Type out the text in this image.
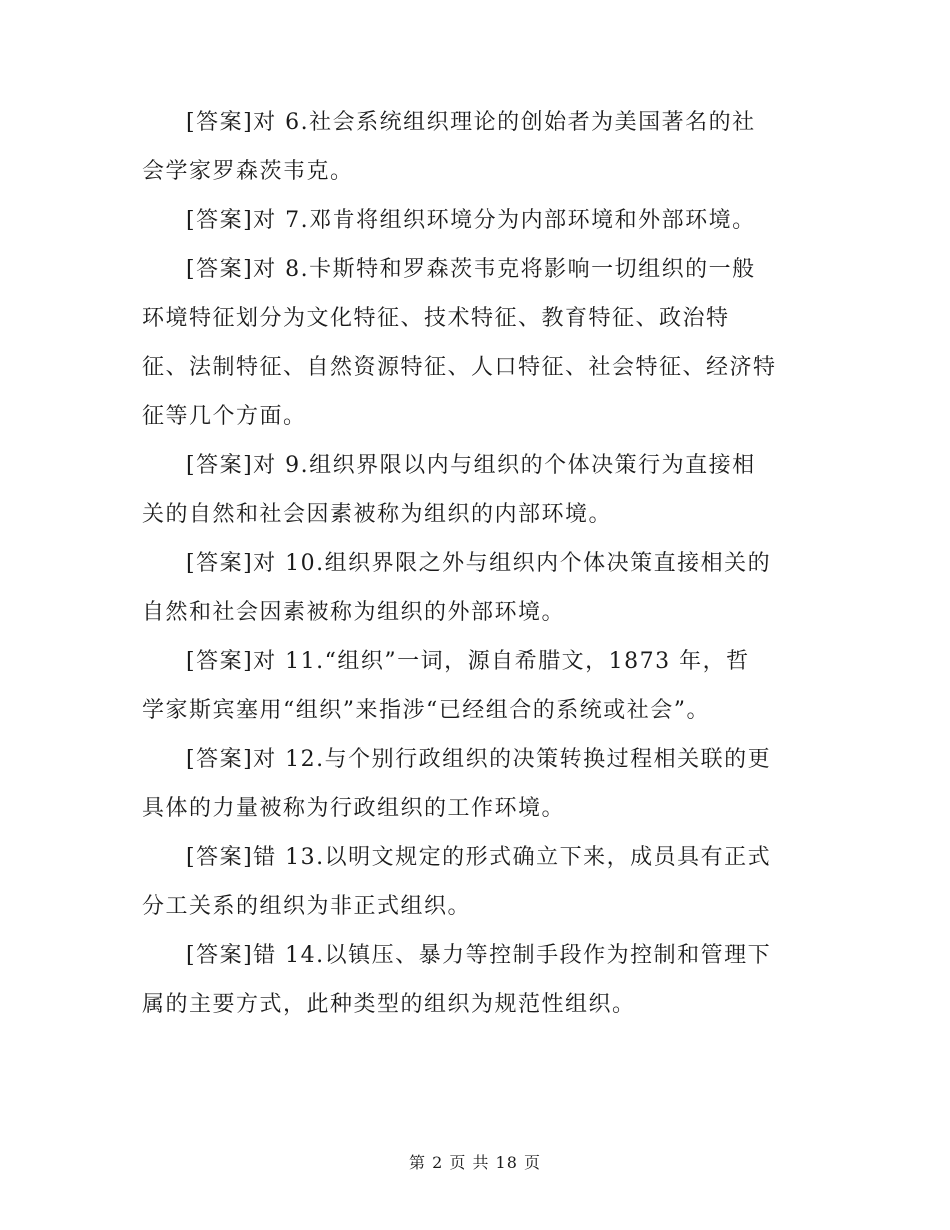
[答案]对 6.社会系统组织理论的创始者为美国著名的社
会学家罗森茨韦克。

[答案]对 7.邓肯将组织环境分为内部环境和外部环境。

[答案]对 8.卡斯特和罗森茨韦克将影响一切组织的一般
环境特征划分为文化特征、技术特征、教育特征、政治特
征、法制特征、自然资源特征、人口特征、社会特征、经济特
征等几个方面。

[答案]对 9.组织界限以内与组织的个体决策行为直接相
关的自然和社会因素被称为组织的内部环境。

[答案]对 10.组织界限之外与组织内个体决策直接相关的
自然和社会因素被称为组织的外部环境。

[答案]对 11.“组织”一词，源自希腊文，1873 年，哲
学家斯宾塞用“组织”来指涉“已经组合的系统或社会”。

[答案]对 12.与个别行政组织的决策转换过程相关联的更
具体的力量被称为行政组织的工作环境。

[答案]错 13.以明文规定的形式确立下来，成员具有正式
分工关系的组织为非正式组织。

[答案]错 14.以镇压、暴力等控制手段作为控制和管理下
属的主要方式，此种类型的组织为规范性组织。

第 2 页 共 18 页
